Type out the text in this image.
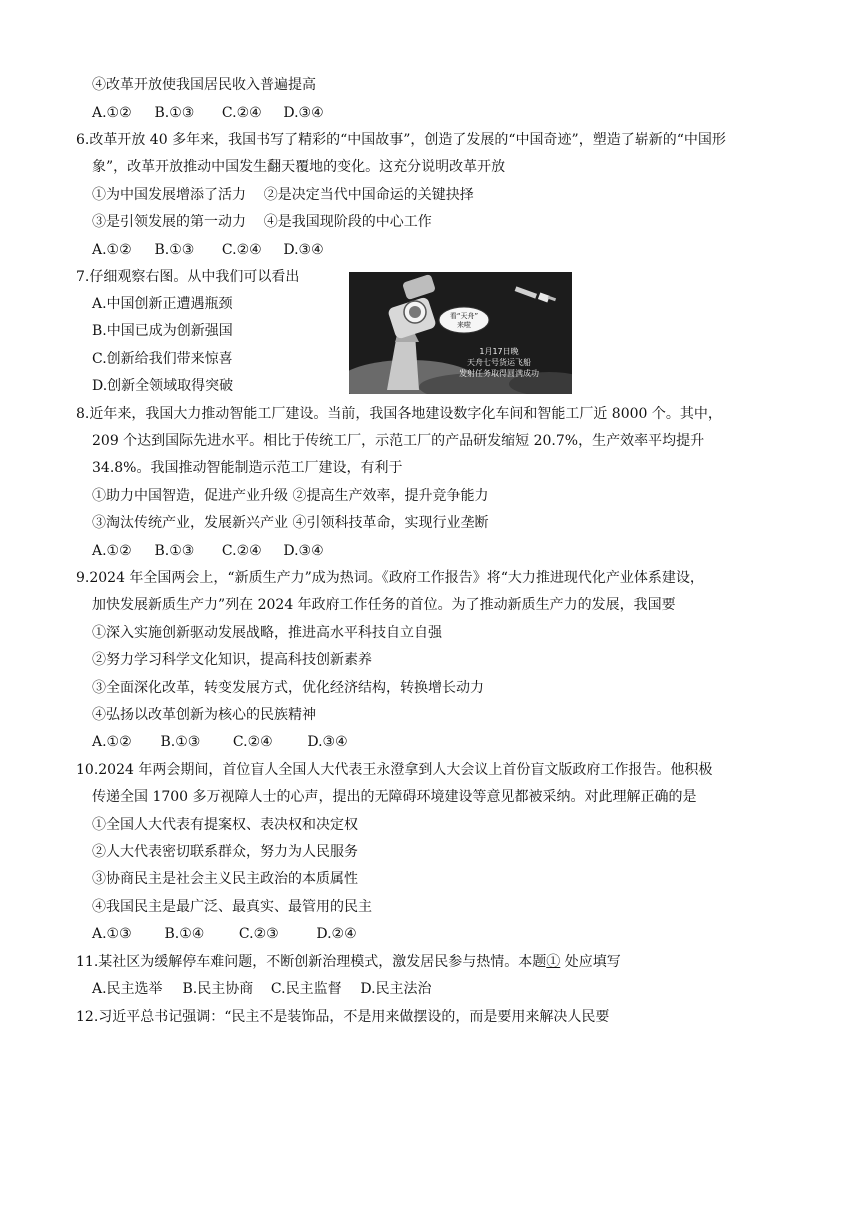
④改革开放使我国居民收入普遍提高
A.①② B.①③ C.②④ D.③④
6.改革开放 40 多年来，我国书写了精彩的“中国故事”，创造了发展的“中国奇迹”，塑造了崭新的“中国形
象”，改革开放推动中国发生翻天覆地的变化。这充分说明改革开放
①为中国发展增添了活力    ②是决定当代中国命运的关键抉择
③是引领发展的第一动力    ④是我国现阶段的中心工作
A.①② B.①③ C.②④ D.③④
7.仔细观察右图。从中我们可以看出
A.中国创新正遭遇瓶颈
B.中国已成为创新强国
C.创新给我们带来惊喜
D.创新全领域取得突破
看“天舟”
来啦
1月17日晚
天舟七号货运飞船
发射任务取得圆满成功
8.近年来，我国大力推动智能工厂建设。当前，我国各地建设数字化车间和智能工厂近 8000 个。其中，
209 个达到国际先进水平。相比于传统工厂，示范工厂的产品研发缩短 20.7%，生产效率平均提升
34.8%。我国推动智能制造示范工厂建设，有利于
①助力中国智造，促进产业升级 ②提高生产效率，提升竞争能力
③淘汰传统产业，发展新兴产业 ④引领科技革命，实现行业垄断
A.①② B.①③ C.②④ D.③④
9.2024 年全国两会上，“新质生产力”成为热词。《政府工作报告》将“大力推进现代化产业体系建设，
加快发展新质生产力”列在 2024 年政府工作任务的首位。为了推动新质生产力的发展，我国要
①深入实施创新驱动发展战略，推进高水平科技自立自强
②努力学习科学文化知识，提高科技创新素养
③全面深化改革，转变发展方式，优化经济结构，转换增长动力
④弘扬以改革创新为核心的民族精神
A.①② B.①③ C.②④ D.③④
10.2024 年两会期间，首位盲人全国人大代表王永澄拿到人大会议上首份盲文版政府工作报告。他积极
传递全国 1700 多万视障人士的心声，提出的无障碍环境建设等意见都被采纳。对此理解正确的是
①全国人大代表有提案权、表决权和决定权
②人大代表密切联系群众，努力为人民服务
③协商民主是社会主义民主政治的本质属性
④我国民主是最广泛、最真实、最管用的民主
A.①③ B.①④ C.②③	D.②④
11.某社区为缓解停车难问题，不断创新治理模式，激发居民参与热情。本题① 处应填写
A.民主选举 B.民主协商 C.民主监督 D.民主法治
12.习近平总书记强调：“民主不是装饰品，不是用来做摆设的，而是要用来解决人民要
